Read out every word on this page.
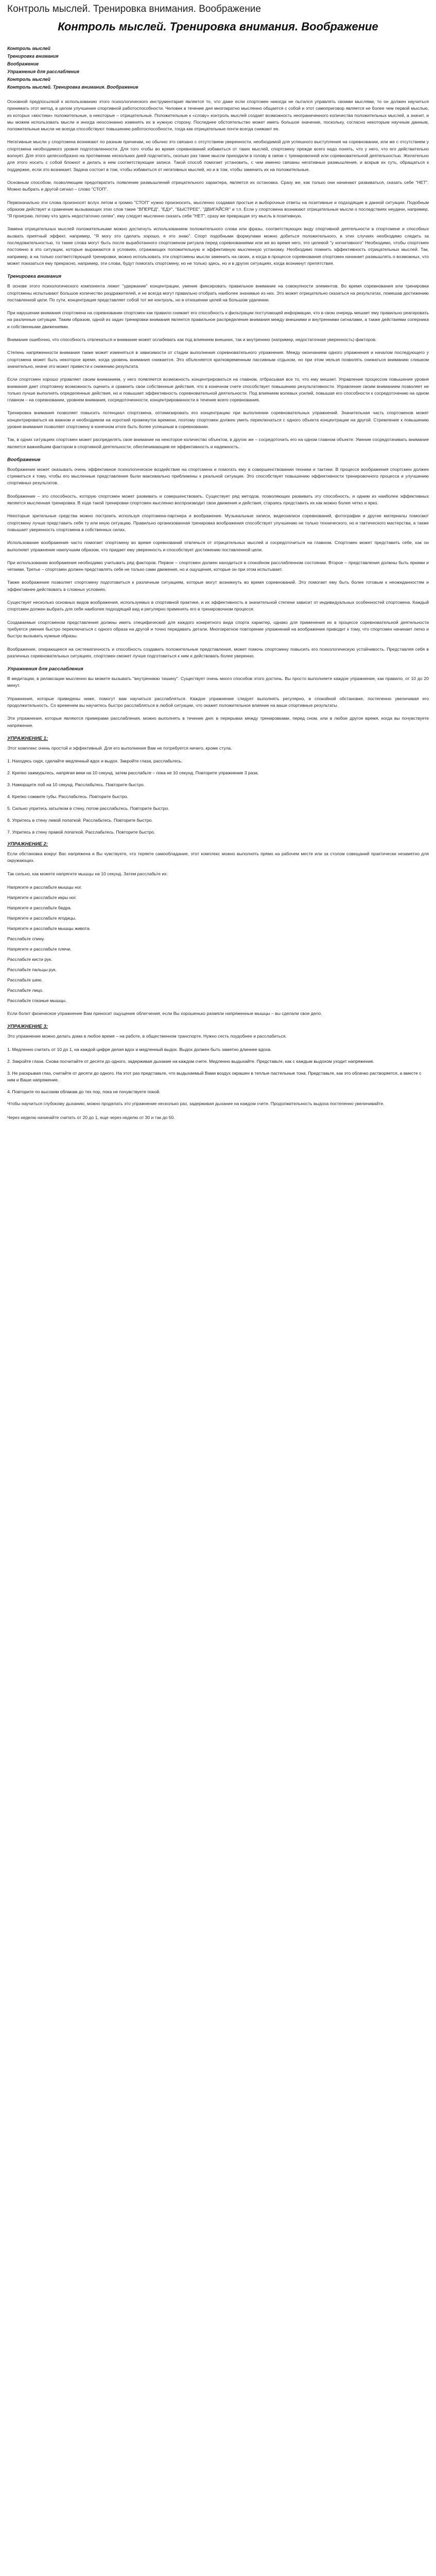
Контроль мыслей. Тренировка внимания. Воображение
Контроль мыслей. Тренировка внимания. Воображение
Контроль мыслей
Тренировка внимания
Воображение
Упражнения для расслабления
Контроль мыслей
Контроль мыслей. Тренировка внимания. Воображение

Основной предпосылкой к использованию этого психологического инструментария является то, что даже если спортсмен никогда не пытался управлять своими мыслями, то он должен научиться принимать этот метод, в целом улучшение спортивной работоспособности. Человек в течение дня многократно мысленно общается с собой и этот самоприговор является не более чем первой мыслью, из которых «мостики» положительные, а некоторые – отрицательные. Положительные к «слову» контроль мыслей создает возможность неограниченного количества положительных мыслей, а значит, и мы можем использовать мысли и иногда неосознанно изменять их в нужную сторону. Последнее обстоятельство может иметь большое значение, поскольку, согласно некоторым научным данным, положительные мысли не всегда способствуют повышению работоспособности, тогда как отрицательные почти всегда снижают ее.

Негативные мысли у спортсмена возникают по разным причинам, но обычно это связано с отсутствием уверенности, необходимой для успешного выступления на соревновании, или же с отсутствием у спортсмена необходимого уровня подготовленности. Для того чтобы во время соревнований избавиться от таких мыслей, спортсмену прежде всего надо понять, что у него, что его действительно волнует. Для этого целесообразно на протяжении нескольких дней подсчитать, сколько раз такие мысли приходили в голову в связи с тренировочной или соревновательной деятельностью. Желательно для этого носить с собой блокнот и делать в нем соответствующие записи. Такой способ помогает установить, с чем именно связаны негативные размышления, и вскрыв их суть, обращаться к поддержке, если это возникает. Задача состоит в том, чтобы избавиться от негативных мыслей, но и в том, чтобы заменить их на положительные.

Основным способом, позволяющим предотвратить появление размышлений отрицательного характера, является их остановка. Сразу же, как только они начинают развиваться, сказать себе "НЕТ". Можно выбрать и другой сигнал – слово "СТОП".

Первоначально эти слова произносят вслух летом и громко "СТОП" нужно произносить, мысленно создавая простые и выборочные ответы на позитивные и подходящие в данной ситуации. Подобным образом действует и сравнение вызывающих этих слов такие "ВПЕРЕД", "ЕДУ", "БЫСТРЕЕ", "ДВИГАЙСЯ!" и т.п. Если у спортсмена возникают отрицательные мысли о последствиях неудачи, например, "Я проиграю, потому что здесь недостаточно силен", ему следует мысленно сказать себе "НЕТ", сразу же превращая эту мысль в позитивную.

Замена отрицательных мыслей положительными можно достигнуть использованием положительного слова или фразы, соответствующих виду спортивной деятельности в спортсмене и способных вызвать приятный эффект, например, "Я могу это сделать хорошо, я это знаю". Спорт подобными формулами можно добиться положительного, в этих случаях необходимо следить за последовательностью, то такие слова могут быть после выработанного спортсменом ритуала перед соревнованиями или же во время него, это целевой "у когнитивного" Необходимо, чтобы спортсмен постоянно в это ситуации, которые выражаются в условиях, отражающих положительную и эффективную мысленную установку. Необходимо помнить эффективность отрицательных мыслей. Так, например, в на только соответствующей тренировки, можно использовать эти спортсмены мысли заменить на своих, а когда в процессе соревнования спортсмен начинает размышлять о возможных, что может показаться ему прекрасно, например, эти слова, будут помогать спортсмену, но не только здесь, но и в других ситуациях, когда возникнут препятствия.

Тренировка внимания

В основе этого психологического компонента лежит "удержание" концентрации, умение фиксировать правильное внимание на совокупности элементов. Во время соревнования или тренировки спортсмены испытывают большое количество раздражителей, и не всегда могут правильно отобрать наиболее значимые из них. Это может отрицательно сказаться на результатах, помешав достижению поставленной цели. По сути, концентрация представляет собой тот же контроль, но в отношении целей на большом удалении.

При нарушении внимания спортсмена на соревновании спортсмен как правило снижает его способность к фильтрации поступающей информации, что в свою очередь мешает ему правильно реагировать на различные ситуации. Таким образом, одной из задач тренировки внимания является правильное распределение внимания между внешними и внутренними сигналами, а также действиями соперника и собственными движениями.

Внимание ошибочно, что способность отвлекаться и внимание может ослабевать как под влиянием внешних, так и внутренних (например, недостаточная уверенность) факторов.

Степень напряженности внимания также может изменяться в зависимости от стадии выполнения соревновательного упражнения. Между окончанием одного упражнения и началом последующего у спортсмена может быть некоторое время, когда уровень внимания снижается. Это объясняется кратковременным пассивным отдыхом, но при этом нельзя позволять снижаться вниманию слишком значительно, иначе это может привести к снижению результата.

Если спортсмен хорошо управляет своим вниманием, у него появляется возможность концентрироваться на главном, отбрасывая все то, что ему мешает. Управление процессом повышения уровня внимания дает спортсмену возможность оценить и сравнить свои собственные действия, что в конечном счете способствует повышению результативности. Управление своим вниманием позволяет не только лучше выполнять определенные действия, но и повышает эффективность соревновательной деятельности. Под влиянием волевых усилий, повышая его способности к сосредоточению на одном главном – на соревновании, уровнем внимания, сосредоточенности, концентрированности в течение всего соревнования.

Тренировка внимания позволяет повысить потенциал спортсмена, оптимизировать его концентрацию при выполнении соревновательных упражнений. Значительная часть спортсменов может концентрироваться на важном и необходимом на короткий промежуток времени, поэтому спортсмен должен уметь переключаться с одного объекта концентрации на другой. Стремление к повышению уровня внимания позволяет спортсмену в конечном итоге быть более успешным в соревновании.

Так, в одних ситуациях спортсмен может распределять свое внимание на некоторое количество объектов, в других же – сосредоточить его на одном главном объекте. Умение сосредотачивать внимание является важнейшим фактором в спортивной деятельности, обеспечивающим ее эффективность и надежность.

Воображение

Воображение может оказывать очень эффективное психологическое воздействие на спортсмена и помогать ему в совершенствовании техники и тактики. В процессе воображения спортсмен должен стремиться к тому, чтобы его мысленные представления были максимально приближены к реальной ситуации. Это способствует повышению эффективности тренировочного процесса и улучшению спортивных результатов.

Воображение – это способность, которую спортсмен может развивать и совершенствовать. Существует ряд методов, позволяющих развивать эту способность, и одним из наиболее эффективных является мысленная тренировка. В ходе такой тренировки спортсмен мысленно воспроизводит свои движения и действия, стараясь представить их как можно более четко и ярко.

Некоторые зрительные средства можно построить используя спортсмена-партнера и воображение. Музыкальные записи, видеозаписи соревнований, фотографии и другие материалы помогают спортсмену лучше представить себе ту или иную ситуацию. Правильно организованная тренировка воображения способствует улучшению не только технического, но и тактического мастерства, а также повышает уверенность спортсмена в собственных силах.

Использование воображения часто помогает спортсмену во время соревнований отвлечься от отрицательных мыслей и сосредоточиться на главном. Спортсмен может представить себе, как он выполняет упражнение наилучшим образом, что придает ему уверенность и способствует достижению поставленной цели.

При использовании воображения необходимо учитывать ряд факторов. Первое – спортсмен должен находиться в спокойном расслабленном состоянии. Второе – представления должны быть яркими и четкими. Третье – спортсмен должен представлять себе не только сами движения, но и ощущения, которые он при этом испытывает.

Также воображение позволяет спортсмену подготовиться к различным ситуациям, которые могут возникнуть во время соревнований. Это помогает ему быть более готовым к неожиданностям и эффективнее действовать в сложных условиях.

Существует несколько основных видов воображения, используемых в спортивной практике, и их эффективность в значительной степени зависит от индивидуальных особенностей спортсмена. Каждый спортсмен должен выбрать для себя наиболее подходящий вид и регулярно применять его в тренировочном процессе.

Создаваемые спортсменом представления должны иметь специфический для каждого конкретного вида спорта характер, однако для применения их в процессе соревновательной деятельности требуется умение быстро переключаться с одного образа на другой и точно передавать детали. Многократное повторение упражнений на воображение приводит к тому, что спортсмен начинает легко и быстро вызывать нужные образы.

Воображение, опирающееся на систематичность и способность создавать положительные представления, может помочь спортсмену повысить его психологическую устойчивость. Представляя себя в различных соревновательных ситуациях, спортсмен сможет лучше подготовиться к ним и действовать более уверенно.

Упражнения для расслабления

В медитации, в релаксации мысленно вы можете вызывать "внутреннюю тишину". Существует очень много способов этого достичь. Вы просто выполняете каждое упражнение, как правило, от 10 до 20 минут.

Упражнения, которые приведены ниже, помогут вам научиться расслабляться. Каждое упражнение следует выполнять регулярно, в спокойной обстановке, постепенно увеличивая его продолжительность. Со временем вы научитесь быстро расслабляться в любой ситуации, что окажет положительное влияние на ваши спортивные результаты.

Эти упражнения, которые являются примерами расслабления, можно выполнять в течение дня: в перерывах между тренировками, перед сном, или в любое другое время, когда вы почувствуете напряжение.

УПРАЖНЕНИЕ 1:

Этот комплекс очень простой и эффективный. Для его выполнения Вам не потребуется ничего, кроме стула.

1. Находясь сидя, сделайте медленный вдох и выдох. Закройте глаза, расслабьтесь.
2. Крепко зажмурьтесь, напрягая веки на 10 секунд, затем расслабьте – пока не 10 секунд. Повторите упражнение 3 раза.
3. Наморщите лоб на 10 секунд. Расслабьтесь. Повторите быстро.
4. Крепко сожмите губы. Расслабьтесь. Повторите быстро.
5. Сильно упритесь затылком в стену, потом расслабьтесь. Повторите быстро.
6. Упритесь в стену левой лопаткой. Расслабьтесь. Повторите быстро.
7. Упритесь в стену правой лопаткой. Расслабьтесь. Повторите быстро.
УПРАЖНЕНИЕ 2:

Если обстановка вокруг Вас напряжена и Вы чувствуете, что теряете самообладание, этот комплекс можно выполнять прямо на рабочем месте или за столом совещаний практически незаметно для окружающих.

Так сильно, как можете напрягите мышцы на 10 секунд. Затем расслабьте их:

Напрягите и расслабьте мышцы ног.
Напрягите и расслабьте икры ног.
Напрягите и расслабьте бедра.
Напрягите и расслабьте ягодицы.
Напрягите и расслабьте мышцы живота.
Расслабьте спину.
Напрягите и расслабьте плечи.
Расслабьте кисти рук.
Расслабьте пальцы рук.
Расслабьте шею.
Расслабьте лицо.
Расслабьте глазные мышцы.

Если болит физическое упражнение Вам приносит ощущение облегчения, если Вы хорошенько размяли напряженные мышцы – вы сделали свое дело.

УПРАЖНЕНИЕ 3:

Это упражнение можно делать дома в любое время – на работе, в общественном транспорте. Нужно сесть поудобнее и расслабиться.

1. Медленно считать от 10 до 1, на каждой цифре делая вдох и медленный выдох. Выдох должен быть заметно длиннее вдоха.
2. Закройте глаза. Снова посчитайте от десяти до одного, задерживая дыхание на каждом счете. Медленно выдыхайте. Представьте, как с каждым выдохом уходит напряжение.
3. Не раскрывая глаз, считайте от десяти до одного. На этот раз представьте, что выдыхаемый Вами воздух окрашен в теплые пастельные тона. Представьте, как это облачко растворяется, а вместе с ним и Ваше напряжение.
4. Повторите по высоким облакам до тех пор, пока не почувствуете покой.

Чтобы научиться глубокому дыханию, можно проделать это упражнение несколько раз, задерживая дыхание на каждом счете. Продолжительность выдоха постепенно увеличивайте.

Через неделю начинайте считать от 20 до 1, еще через неделю от 30 и так до 50.
